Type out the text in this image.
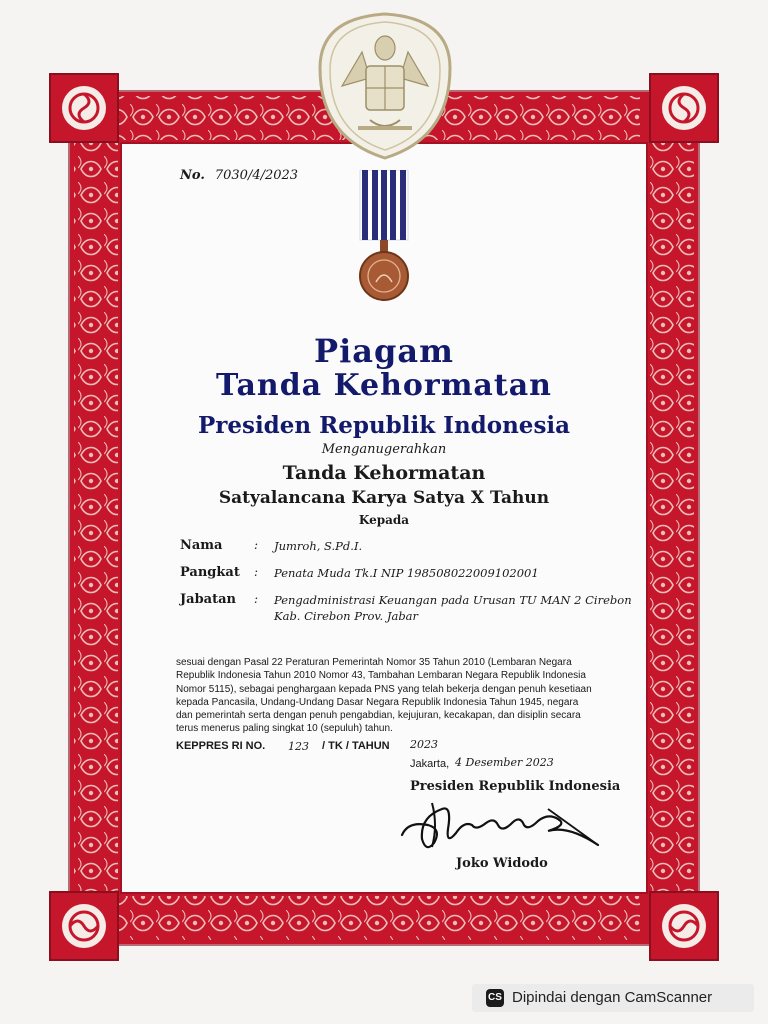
No. 7030/4/2023
Piagam
Tanda Kehormatan
Presiden Republik Indonesia
Menganugerahkan
Tanda Kehormatan
Satyalancana Karya Satya X Tahun
Kepada
Nama	: Jumroh, S.Pd.I.
Pangkat	: Penata Muda Tk.I NIP 198508022009102001
Jabatan	: Pengadministrasi Keuangan pada Urusan TU MAN 2 Cirebon Kab. Cirebon Prov. Jabar
sesuai dengan Pasal 22 Peraturan Pemerintah Nomor 35 Tahun 2010 (Lembaran Negara Republik Indonesia Tahun 2010 Nomor 43, Tambahan Lembaran Negara Republik Indonesia Nomor 5115), sebagai penghargaan kepada PNS yang telah bekerja dengan penuh kesetiaan kepada Pancasila, Undang-Undang Dasar Negara Republik Indonesia Tahun 1945, negara dan pemerintah serta dengan penuh pengabdian, kejujuran, kecakapan, dan disiplin secara terus menerus paling singkat 10 (sepuluh) tahun.
KEPPRES RI NO. 123 / TK / TAHUN 2023
Jakarta, 4 Desember 2023
Presiden Republik Indonesia
Joko Widodo
CS Dipindai dengan CamScanner
